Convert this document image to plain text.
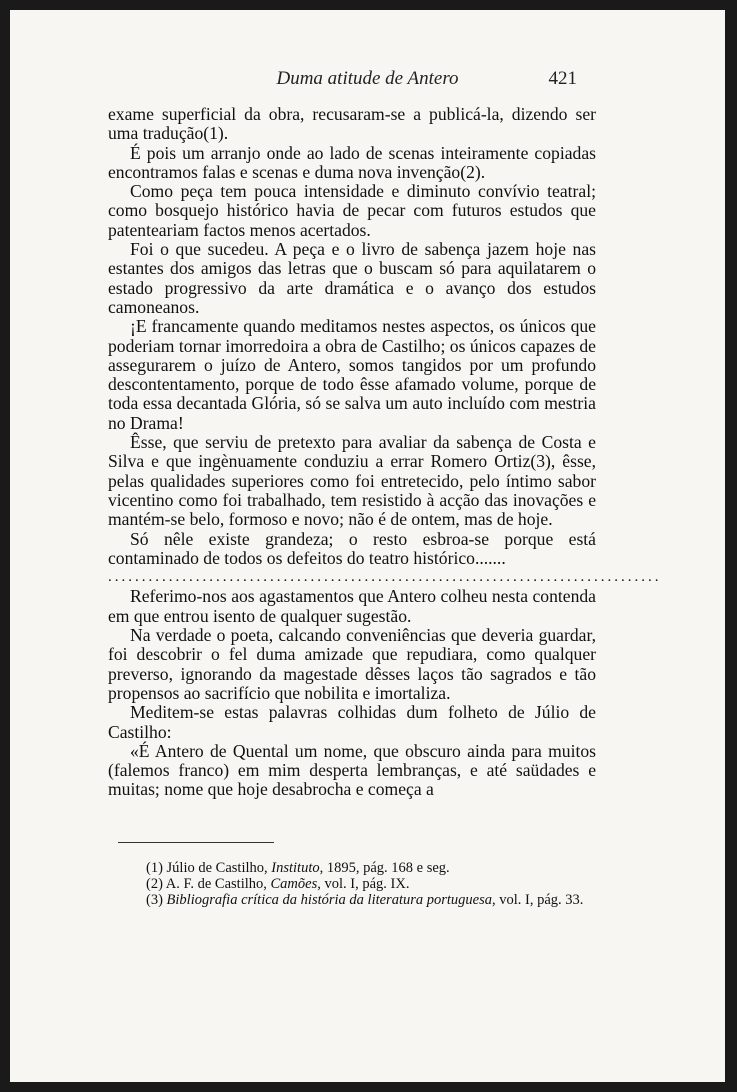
Duma atitude de Antero	421

exame superficial da obra, recusaram-se a publicá-la, dizendo ser uma tradução(1).

É pois um arranjo onde ao lado de scenas inteiramente copiadas encontramos falas e scenas e duma nova invenção(2).

Como peça tem pouca intensidade e diminuto convívio teatral; como bosquejo histórico havia de pecar com futuros estudos que patenteariam factos menos acertados.

Foi o que sucedeu. A peça e o livro de sabença jazem hoje nas estantes dos amigos das letras que o buscam só para aquilatarem o estado progressivo da arte dramática e o avanço dos estudos camoneanos.

¡E francamente quando meditamos nestes aspectos, os únicos que poderiam tornar imorredoira a obra de Castilho; os únicos capazes de assegurarem o juízo de Antero, somos tangidos por um profundo descontentamento, porque de todo êsse afamado volume, porque de toda essa decantada Glória, só se salva um auto incluído com mestria no Drama!

Êsse, que serviu de pretexto para avaliar da sabença de Costa e Silva e que ingènuamente conduziu a errar Romero Ortiz(3), êsse, pelas qualidades superiores como foi entretecido, pelo íntimo sabor vicentino como foi trabalhado, tem resistido à acção das inovações e mantém-se belo, formoso e novo; não é de ontem, mas de hoje.

Só nêle existe grandeza; o resto esbroa-se porque está contaminado de todos os defeitos do teatro histórico.......

..................................................................................

Referimo-nos aos agastamentos que Antero colheu nesta contenda em que entrou isento de qualquer sugestão.

Na verdade o poeta, calcando conveniências que deveria guardar, foi descobrir o fel duma amizade que repudiara, como qualquer preverso, ignorando da magestade dêsses laços tão sagrados e tão propensos ao sacrifício que nobilita e imortaliza.

Meditem-se estas palavras colhidas dum folheto de Júlio de Castilho:

«É Antero de Quental um nome, que obscuro ainda para muitos (falemos franco) em mim desperta lembranças, e até saüdades e muitas; nome que hoje desabrocha e começa a

(1) Júlio de Castilho, Instituto, 1895, pág. 168 e seg.

(2) A. F. de Castilho, Camões, vol. I, pág. IX.

(3) Bibliografia crítica da história da literatura portuguesa, vol. I, pág. 33.
